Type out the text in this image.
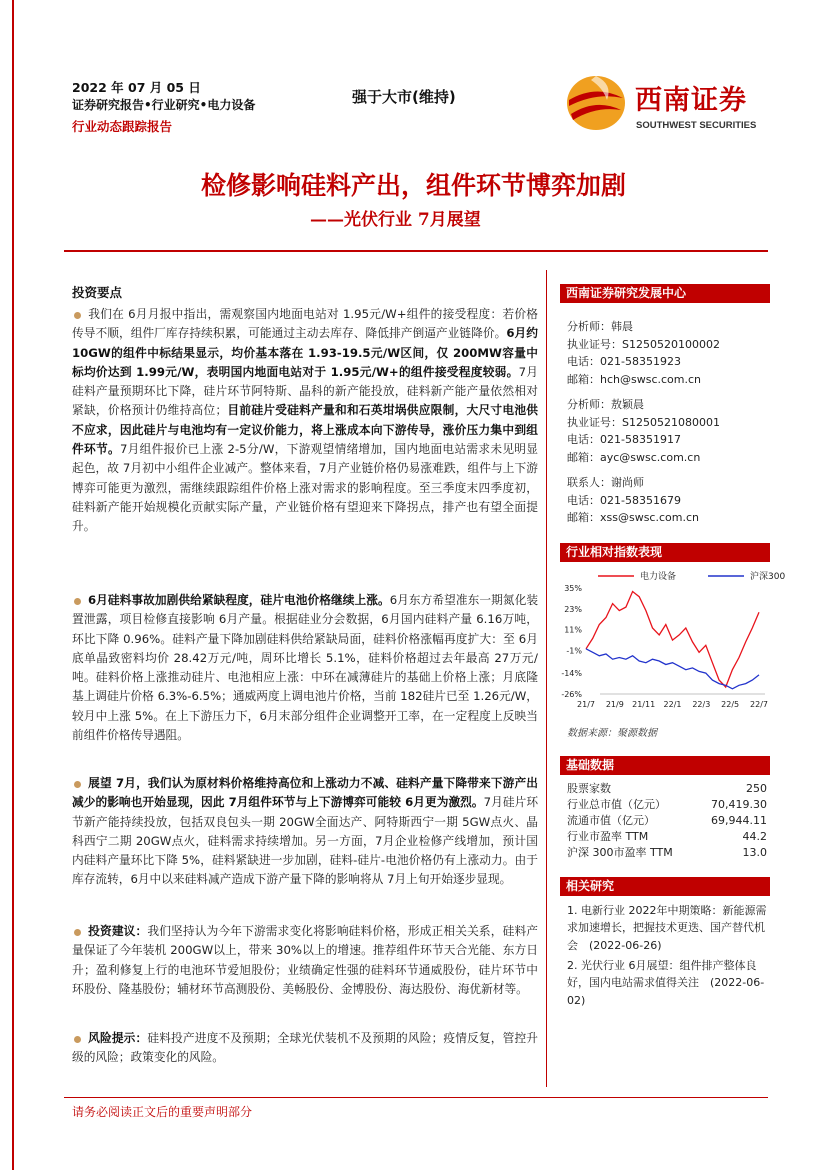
2022 年 07 月 05 日
证券研究报告•行业研究•电力设备
行业动态跟踪报告
强于大市(维持)	西南证券
SOUTHWEST SECURITIES
检修影响硅料产出，组件环节博弈加剧
——光伏行业 7月展望
投资要点
我们在 6月月报中指出，需观察国内地面电站对 1.95元/W+组件的接受程度：若价格传导不顺，组件厂库存持续积累，可能通过主动去库存、降低排产倒逼产业链降价。6月约 10GW的组件中标结果显示，均价基本落在 1.93-19.5元/W区间，仅 200MW容量中标均价达到 1.99元/W，表明国内地面电站对于 1.95元/W+的组件接受程度较弱。7月硅料产量预期环比下降，硅片环节阿特斯、晶科的新产能投放，硅料新产能产量依然相对紧缺，价格预计仍维持高位；目前硅片受硅料产量和和石英坩埚供应限制，大尺寸电池供不应求，因此硅片与电池均有一定议价能力，将上涨成本向下游传导，涨价压力集中到组件环节。7月组件报价已上涨 2-5分/W，下游观望情绪增加，国内地面电站需求未见明显起色，故 7月初中小组件企业减产。整体来看，7月产业链价格仍易涨难跌，组件与上下游博弈可能更为激烈，需继续跟踪组件价格上涨对需求的影响程度。至三季度末四季度初，硅料新产能开始规模化贡献实际产量，产业链价格有望迎来下降拐点，排产也有望全面提升。
6月硅料事故加剧供给紧缺程度，硅片电池价格继续上涨。6月东方希望准东一期氮化装置泄露，项目检修直接影响 6月产量。根据硅业分会数据，6月国内硅料产量 6.16万吨，环比下降 0.96%。硅料产量下降加剧硅料供给紧缺局面，硅料价格涨幅再度扩大：至 6月底单晶致密料均价 28.42万元/吨，周环比增长 5.1%，硅料价格超过去年最高 27万元/吨。硅料价格上涨推动硅片、电池相应上涨：中环在减薄硅片的基础上价格上涨；月底隆基上调硅片价格 6.3%-6.5%；通威两度上调电池片价格，当前 182硅片已至 1.26元/W，较月中上涨 5%。在上下游压力下，6月末部分组件企业调整开工率，在一定程度上反映当前组件价格传导遇阻。
展望 7月，我们认为原材料价格维持高位和上涨动力不减、硅料产量下降带来下游产出减少的影响也开始显现，因此 7月组件环节与上下游博弈可能较 6月更为激烈。7月硅片环节新产能持续投放，包括双良包头一期 20GW全面达产、阿特斯西宁一期 5GW点火、晶科西宁二期 20GW点火，硅料需求持续增加。另一方面，7月企业检修产线增加，预计国内硅料产量环比下降 5%，硅料紧缺进一步加剧，硅料-硅片-电池价格仍有上涨动力。由于库存流转，6月中以来硅料减产造成下游产量下降的影响将从 7月上旬开始逐步显现。
投资建议：我们坚持认为今年下游需求变化将影响硅料价格，形成正相关关系，硅料产量保证了今年装机 200GW以上，带来 30%以上的增速。推荐组件环节天合光能、东方日升；盈利修复上行的电池环节爱旭股份；业绩确定性强的硅料环节通威股份，硅片环节中环股份、隆基股份；辅材环节高测股份、美畅股份、金博股份、海达股份、海优新材等。
风险提示：硅料投产进度不及预期；全球光伏装机不及预期的风险；疫情反复，管控升级的风险；政策变化的风险。
西南证券研究发展中心
分析师：韩晨
执业证号：S1250520100002
电话：021-58351923
邮箱：hch@swsc.com.cn
分析师：敖颖晨
执业证号：S1250521080001
电话：021-58351917
邮箱：ayc@swsc.com.cn
联系人：谢尚师
电话：021-58351679
邮箱：xss@swsc.com.cn
行业相对指数表现
电力设备	沪深300
35%
23%
11%
-1%
-14%
-26%
21/7 21/9 21/11 22/1 22/3 22/5 22/7
数据来源：聚源数据
基础数据
股票家数	250
行业总市值（亿元）	70,419.30
流通市值（亿元）	69,944.11
行业市盈率 TTM	44.2
沪深 300市盈率 TTM	13.0
相关研究
1. 电新行业 2022年中期策略：新能源需求加速增长，把握技术更迭、国产替代机会　(2022-06-26)
2. 光伏行业 6月展望：组件排产整体良好，国内电站需求值得关注　(2022-06-02)
请务必阅读正文后的重要声明部分
